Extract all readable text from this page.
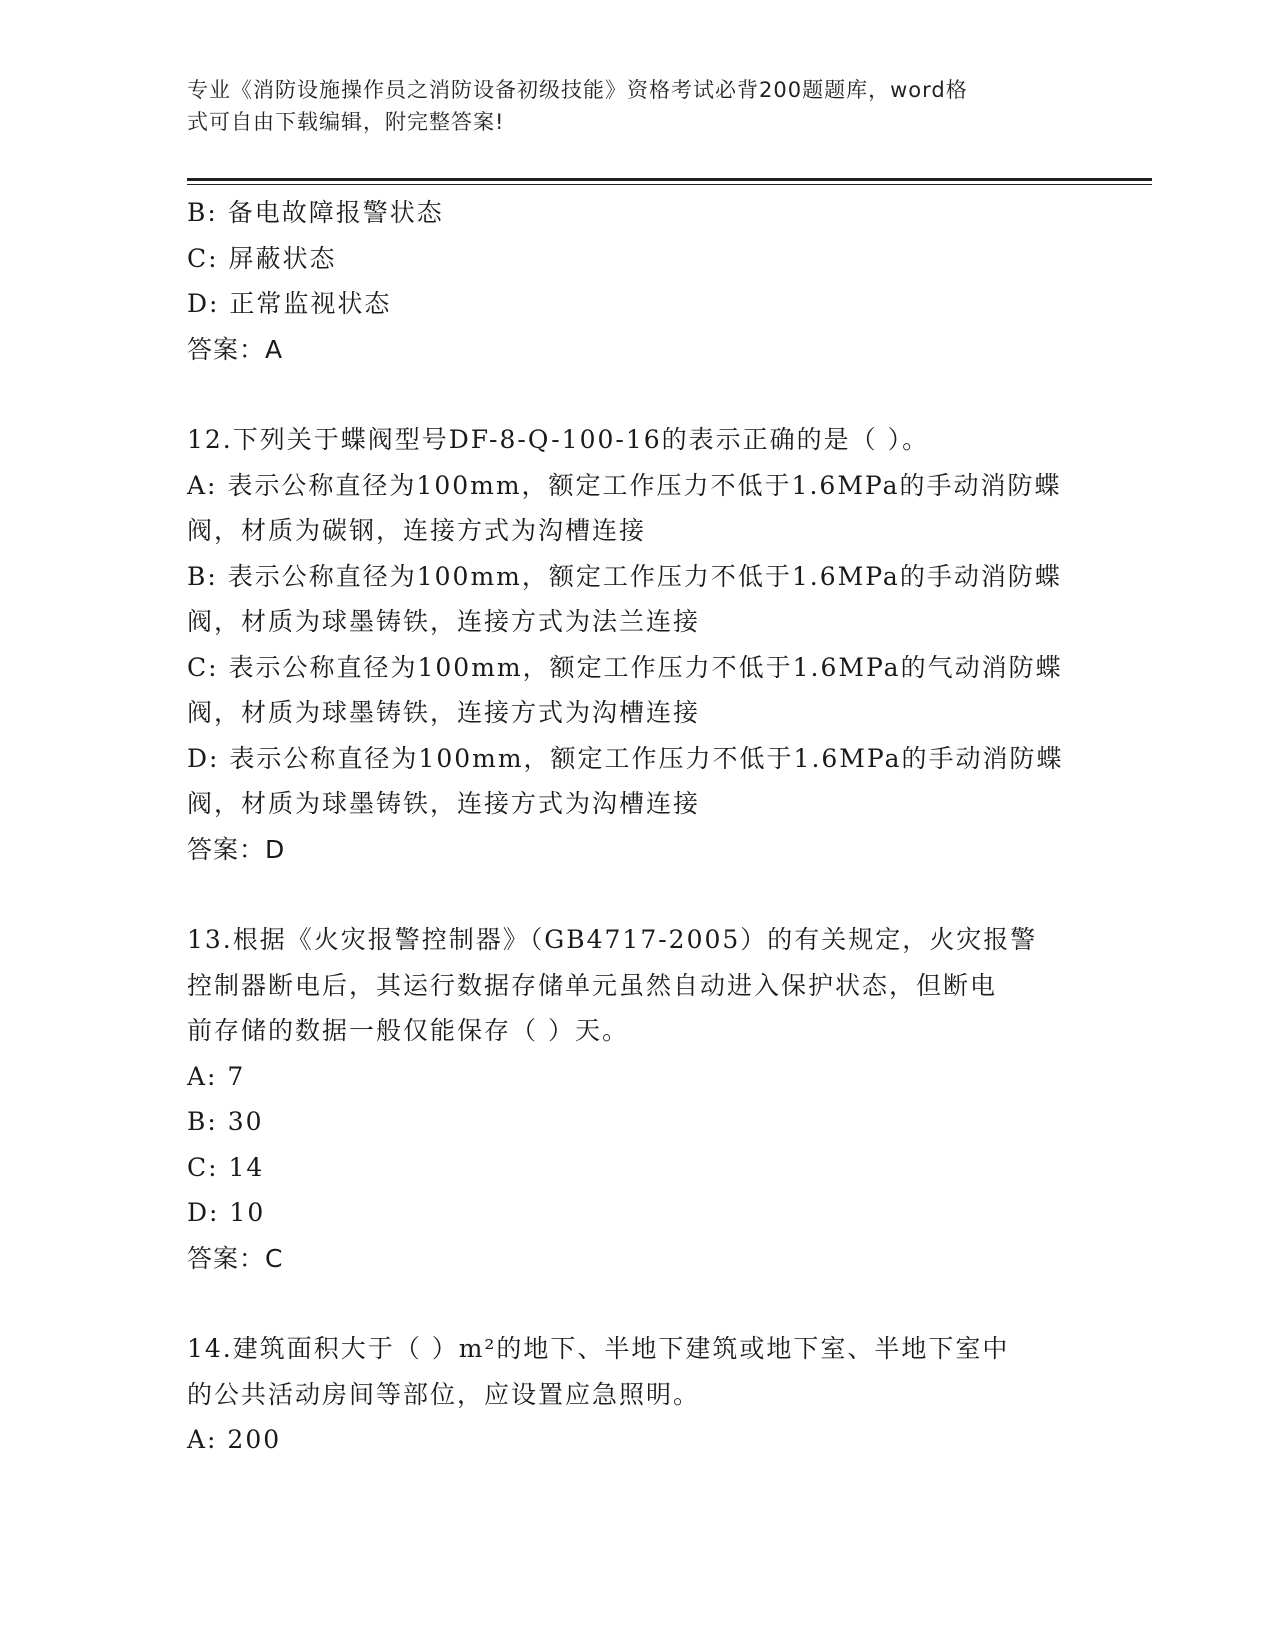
专业《消防设施操作员之消防设备初级技能》资格考试必背200题题库，word格
式可自由下载编辑，附完整答案!
B: 备电故障报警状态
C: 屏蔽状态
D: 正常监视状态
答案：A
12.下列关于蝶阀型号DF-8-Q-100-16的表示正确的是（ ）。
A: 表示公称直径为100mm，额定工作压力不低于1.6MPa的手动消防蝶
阀，材质为碳钢，连接方式为沟槽连接
B: 表示公称直径为100mm，额定工作压力不低于1.6MPa的手动消防蝶
阀，材质为球墨铸铁，连接方式为法兰连接
C: 表示公称直径为100mm，额定工作压力不低于1.6MPa的气动消防蝶
阀，材质为球墨铸铁，连接方式为沟槽连接
D: 表示公称直径为100mm，额定工作压力不低于1.6MPa的手动消防蝶
阀，材质为球墨铸铁，连接方式为沟槽连接
答案：D
13.根据《火灾报警控制器》（GB4717-2005）的有关规定，火灾报警
控制器断电后，其运行数据存储单元虽然自动进入保护状态，但断电
前存储的数据一般仅能保存（ ）天。
A: 7
B: 30
C: 14
D: 10
答案：C
14.建筑面积大于（ ）m²的地下、半地下建筑或地下室、半地下室中
的公共活动房间等部位，应设置应急照明。
A: 200
